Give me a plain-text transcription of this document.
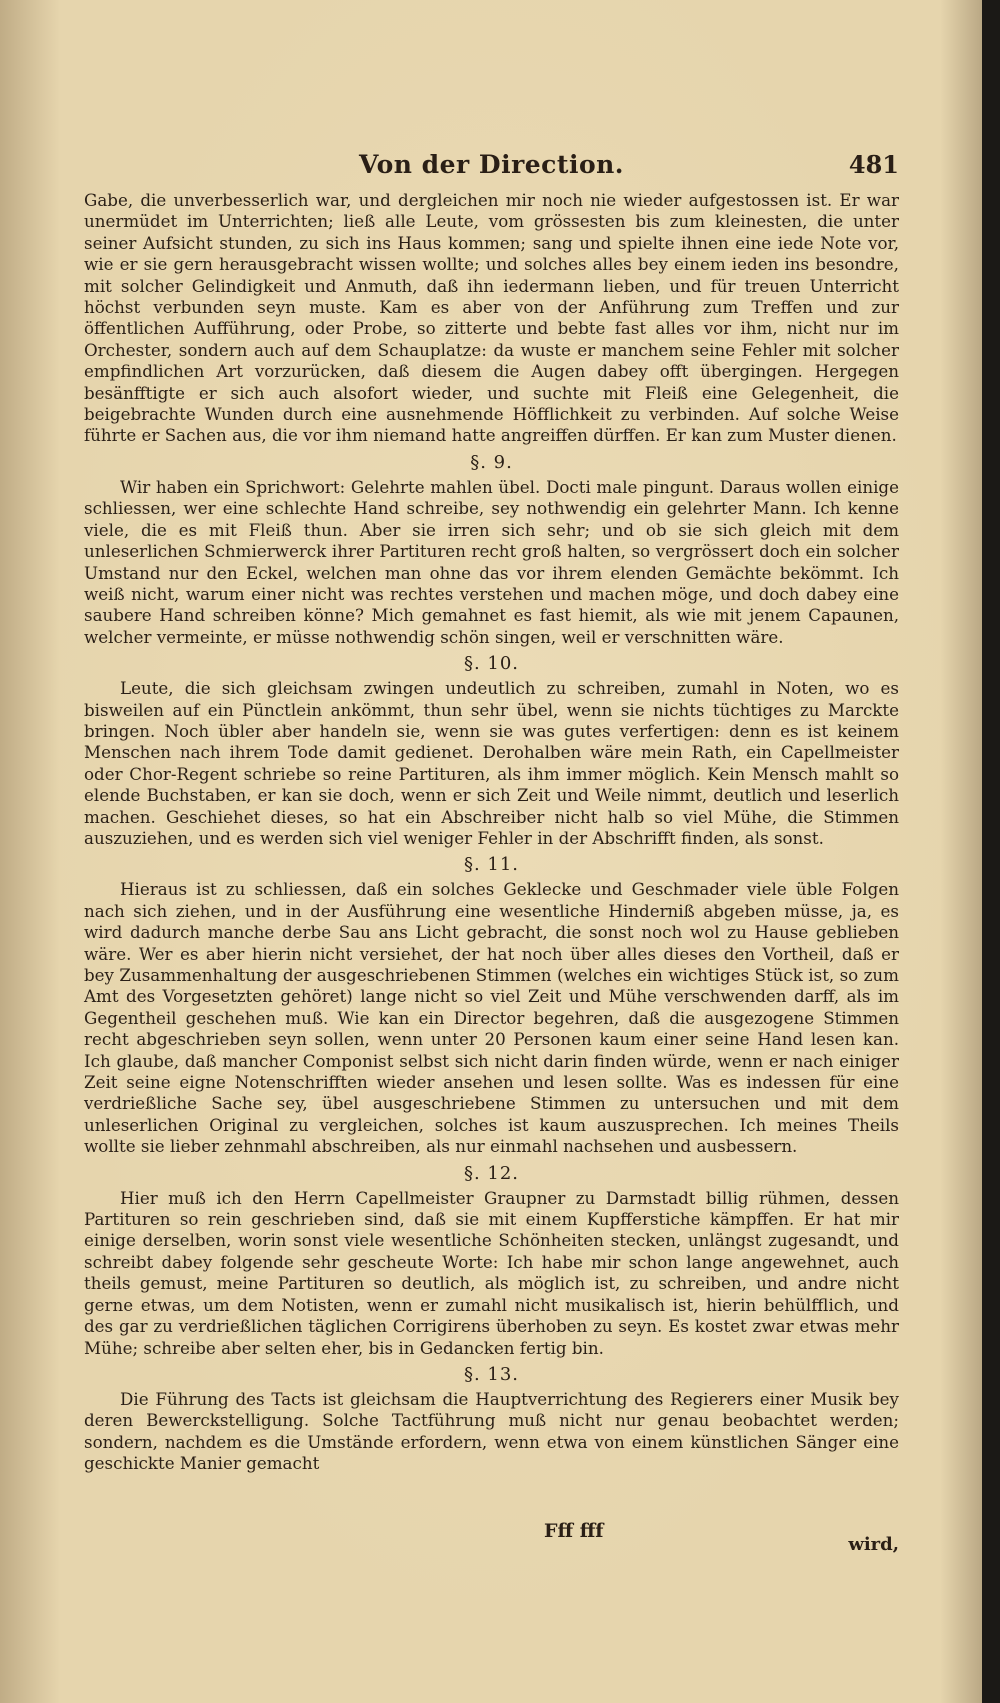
Von der Direction.	481

Gabe, die unverbesserlich war, und dergleichen mir noch nie wieder aufgestossen ist. Er war unermüdet im Unterrichten; ließ alle Leute, vom grössesten bis zum kleinesten, die unter seiner Aufsicht stunden, zu sich ins Haus kommen; sang und spielte ihnen eine iede Note vor, wie er sie gern herausgebracht wissen wollte; und solches alles bey einem ieden ins besondre, mit solcher Gelindigkeit und Anmuth, daß ihn iedermann lieben, und für treuen Unterricht höchst verbunden seyn muste. Kam es aber von der Anführung zum Treffen und zur öffentlichen Aufführung, oder Probe, so zitterte und bebte fast alles vor ihm, nicht nur im Orchester, sondern auch auf dem Schauplatze: da wuste er manchem seine Fehler mit solcher empfindlichen Art vorzurücken, daß diesem die Augen dabey offt übergingen. Hergegen besänfftigte er sich auch alsofort wieder, und suchte mit Fleiß eine Gelegenheit, die beigebrachte Wunden durch eine ausnehmende Höfflichkeit zu verbinden. Auf solche Weise führte er Sachen aus, die vor ihm niemand hatte angreiffen dürffen. Er kan zum Muster dienen.

§. 9.

Wir haben ein Sprichwort: Gelehrte mahlen übel. Docti male pingunt. Daraus wollen einige schliessen, wer eine schlechte Hand schreibe, sey nothwendig ein gelehrter Mann. Ich kenne viele, die es mit Fleiß thun. Aber sie irren sich sehr; und ob sie sich gleich mit dem unleserlichen Schmierwerck ihrer Partituren recht groß halten, so vergrössert doch ein solcher Umstand nur den Eckel, welchen man ohne das vor ihrem elenden Gemächte bekömmt. Ich weiß nicht, warum einer nicht was rechtes verstehen und machen möge, und doch dabey eine saubere Hand schreiben könne? Mich gemahnet es fast hiemit, als wie mit jenem Capaunen, welcher vermeinte, er müsse nothwendig schön singen, weil er verschnitten wäre.

§. 10.

Leute, die sich gleichsam zwingen undeutlich zu schreiben, zumahl in Noten, wo es bisweilen auf ein Pünctlein ankömmt, thun sehr übel, wenn sie nichts tüchtiges zu Marckte bringen. Noch übler aber handeln sie, wenn sie was gutes verfertigen: denn es ist keinem Menschen nach ihrem Tode damit gedienet. Derohalben wäre mein Rath, ein Capellmeister oder Chor-Regent schriebe so reine Partituren, als ihm immer möglich. Kein Mensch mahlt so elende Buchstaben, er kan sie doch, wenn er sich Zeit und Weile nimmt, deutlich und leserlich machen. Geschiehet dieses, so hat ein Abschreiber nicht halb so viel Mühe, die Stimmen auszuziehen, und es werden sich viel weniger Fehler in der Abschrifft finden, als sonst.

§. 11.

Hieraus ist zu schliessen, daß ein solches Geklecke und Geschmader viele üble Folgen nach sich ziehen, und in der Ausführung eine wesentliche Hinderniß abgeben müsse, ja, es wird dadurch manche derbe Sau ans Licht gebracht, die sonst noch wol zu Hause geblieben wäre. Wer es aber hierin nicht versiehet, der hat noch über alles dieses den Vortheil, daß er bey Zusammenhaltung der ausgeschriebenen Stimmen (welches ein wichtiges Stück ist, so zum Amt des Vorgesetzten gehöret) lange nicht so viel Zeit und Mühe verschwenden darff, als im Gegentheil geschehen muß. Wie kan ein Director begehren, daß die ausgezogene Stimmen recht abgeschrieben seyn sollen, wenn unter 20 Personen kaum einer seine Hand lesen kan. Ich glaube, daß mancher Componist selbst sich nicht darin finden würde, wenn er nach einiger Zeit seine eigne Notenschrifften wieder ansehen und lesen sollte. Was es indessen für eine verdrießliche Sache sey, übel ausgeschriebene Stimmen zu untersuchen und mit dem unleserlichen Original zu vergleichen, solches ist kaum auszusprechen. Ich meines Theils wollte sie lieber zehnmahl abschreiben, als nur einmahl nachsehen und ausbessern.

§. 12.

Hier muß ich den Herrn Capellmeister Graupner zu Darmstadt billig rühmen, dessen Partituren so rein geschrieben sind, daß sie mit einem Kupfferstiche kämpffen. Er hat mir einige derselben, worin sonst viele wesentliche Schönheiten stecken, unlängst zugesandt, und schreibt dabey folgende sehr gescheute Worte: Ich habe mir schon lange angewehnet, auch theils gemust, meine Partituren so deutlich, als möglich ist, zu schreiben, und andre nicht gerne etwas, um dem Notisten, wenn er zumahl nicht musikalisch ist, hierin behülfflich, und des gar zu verdrießlichen täglichen Corrigirens überhoben zu seyn. Es kostet zwar etwas mehr Mühe; schreibe aber selten eher, bis in Gedancken fertig bin.

§. 13.

Die Führung des Tacts ist gleichsam die Hauptverrichtung des Regierers einer Musik bey deren Bewerckstelligung. Solche Tactführung muß nicht nur genau beobachtet werden; sondern, nachdem es die Umstände erfordern, wenn etwa von einem künstlichen Sänger eine geschickte Manier gemacht

Fff fff
wird,
